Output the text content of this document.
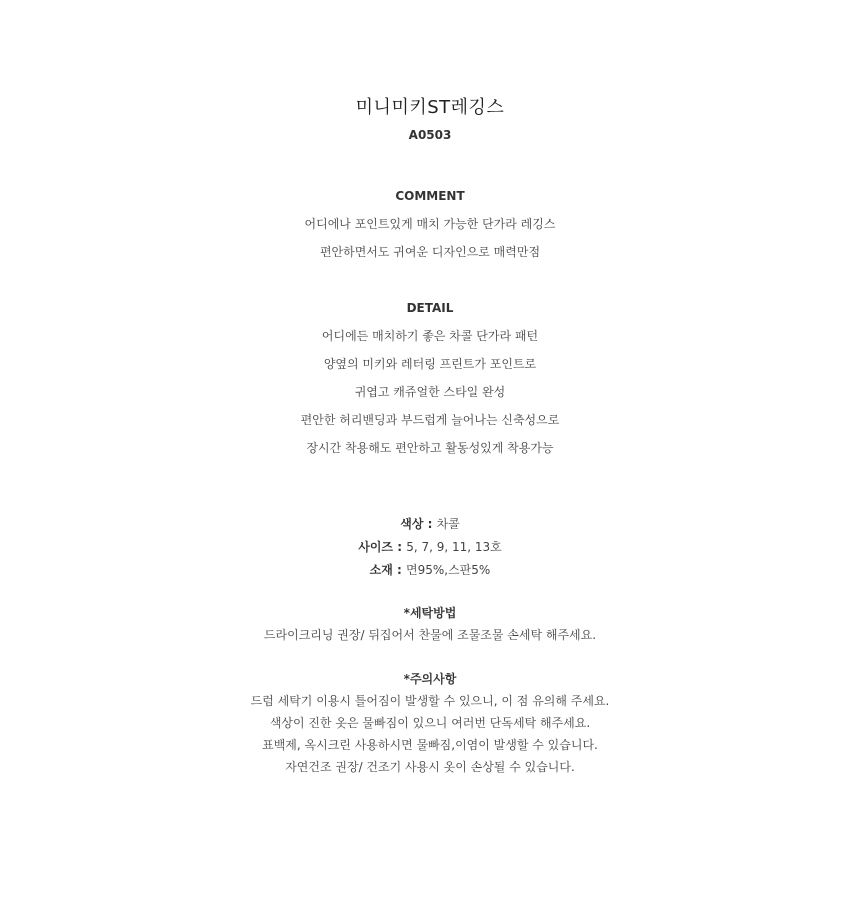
미니미키ST레깅스
A0503
COMMENT
어디에나 포인트있게 매치 가능한 단가라 레깅스
편안하면서도 귀여운 디자인으로 매력만점
DETAIL
어디에든 매치하기 좋은 차콜 단가라 패턴
양옆의 미키와 레터링 프린트가 포인트로
귀엽고 캐쥬얼한 스타일 완성
편안한 허리밴딩과 부드럽게 늘어나는 신축성으로
장시간 착용해도 편안하고 활동성있게 착용가능
색상 : 차콜
사이즈 : 5, 7, 9, 11, 13호
소재 : 면95%,스판5%
*세탁방법
드라이크리닝 권장/ 뒤집어서 찬물에 조물조물 손세탁 해주세요.
*주의사항
드럼 세탁기 이용시 틀어짐이 발생할 수 있으니, 이 점 유의해 주세요.
색상이 진한 옷은 물빠짐이 있으니 여러번 단독세탁 해주세요.
표백제, 옥시크린 사용하시면 물빠짐,이염이 발생할 수 있습니다.
자연건조 권장/ 건조기 사용시 옷이 손상될 수 있습니다.
